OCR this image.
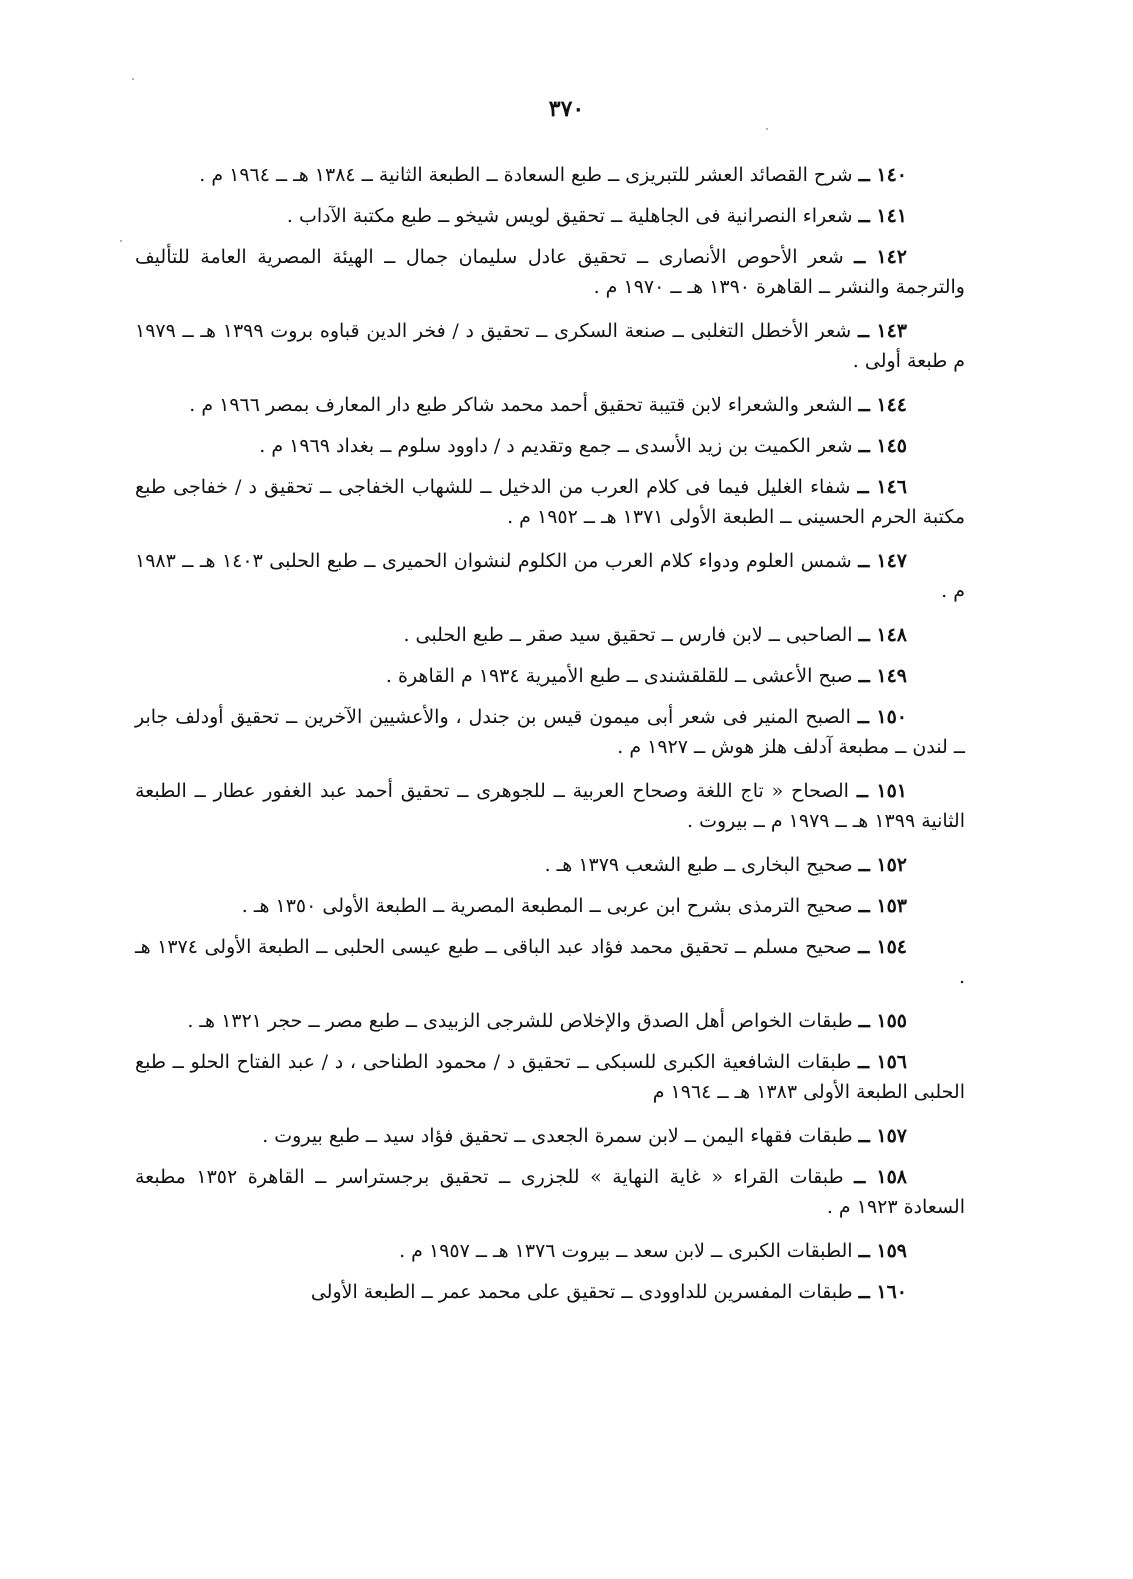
٣٧٠

١٤٠ ــ شرح القصائد العشر للتبريزى ــ طبع السعادة ــ الطبعة الثانية ــ ١٣٨٤ هـ ــ ١٩٦٤ م .

١٤١ ــ شعراء النصرانية فى الجاهلية ــ تحقيق لويس شيخو ــ طبع مكتبة الآداب .

١٤٢ ــ شعر الأحوص الأنصارى ــ تحقيق عادل سليمان جمال ــ الهيئة المصرية العامة للتأليف والترجمة والنشر ــ القاهرة ١٣٩٠ هـ ــ ١٩٧٠ م .

١٤٣ ــ شعر الأخطل التغلبى ــ صنعة السكرى ــ تحقيق د / فخر الدين قباوه بروت ١٣٩٩ هـ ــ ١٩٧٩ م طبعة أولى .

١٤٤ ــ الشعر والشعراء لابن قتيبة تحقيق أحمد محمد شاكر طبع دار المعارف بمصر ١٩٦٦ م .

١٤٥ ــ شعر الكميت بن زيد الأسدى ــ جمع وتقديم د / داوود سلوم ــ بغداد ١٩٦٩ م .

١٤٦ ــ شفاء الغليل فيما فى كلام العرب من الدخيل ــ للشهاب الخفاجى ــ تحقيق د / خفاجى طبع مكتبة الحرم الحسينى ــ الطبعة الأولى ١٣٧١ هـ ــ ١٩٥٢ م .

١٤٧ ــ شمس العلوم ودواء كلام العرب من الكلوم لنشوان الحميرى ــ طبع الحلبى ١٤٠٣ هـ ــ ١٩٨٣ م .

١٤٨ ــ الصاحبى ــ لابن فارس ــ تحقيق سيد صقر ــ طبع الحلبى .

١٤٩ ــ صبح الأعشى ــ للقلقشندى ــ طبع الأميرية ١٩٣٤ م القاهرة .

١٥٠ ــ الصبح المنير فى شعر أبى ميمون قيس بن جندل ، والأعشيين الآخرين ــ تحقيق أودلف جابر ــ لندن ــ مطبعة آدلف هلز هوش ــ ١٩٢٧ م .

١٥١ ــ الصحاح « تاج اللغة وصحاح العربية ــ للجوهرى ــ تحقيق أحمد عبد الغفور عطار ــ الطبعة الثانية ١٣٩٩ هـ ــ ١٩٧٩ م ــ بيروت .

١٥٢ ــ صحيح البخارى ــ طبع الشعب ١٣٧٩ هـ .

١٥٣ ــ صحيح الترمذى بشرح ابن عربى ــ المطبعة المصرية ــ الطبعة الأولى ١٣٥٠ هـ .

١٥٤ ــ صحيح مسلم ــ تحقيق محمد فؤاد عبد الباقى ــ طبع عيسى الحلبى ــ الطبعة الأولى ١٣٧٤ هـ .

١٥٥ ــ طبقات الخواص أهل الصدق والإخلاص للشرجى الزبيدى ــ طبع مصر ــ حجر ١٣٢١ هـ .

١٥٦ ــ طبقات الشافعية الكبرى للسبكى ــ تحقيق د / محمود الطناحى ، د / عبد الفتاح الحلو ــ طبع الحلبى الطبعة الأولى ١٣٨٣ هـ ــ ١٩٦٤ م

١٥٧ ــ طبقات فقهاء اليمن ــ لابن سمرة الجعدى ــ تحقيق فؤاد سيد ــ طبع بيروت .

١٥٨ ــ طبقات القراء « غاية النهاية » للجزرى ــ تحقيق برجستراسر ــ القاهرة ١٣٥٢ مطبعة السعادة ١٩٢٣ م .

١٥٩ ــ الطبقات الكبرى ــ لابن سعد ــ بيروت ١٣٧٦ هـ ــ ١٩٥٧ م .

١٦٠ ــ طبقات المفسرين للداوودى ــ تحقيق على محمد عمر ــ الطبعة الأولى
